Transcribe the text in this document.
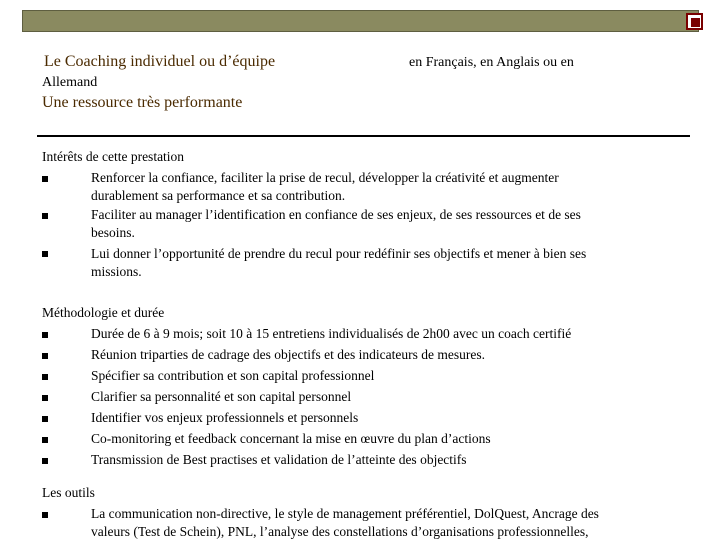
Le Coaching individuel ou d’équipe	en Français, en Anglais ou en
Allemand
Une ressource très performante
Intérêts de cette prestation
Renforcer la confiance, faciliter la prise de recul, développer la créativité et augmenter
durablement sa performance et sa contribution.
Faciliter au manager l’identification en confiance de ses enjeux, de ses ressources et de ses
besoins.
Lui donner l’opportunité de prendre du recul pour redéfinir ses objectifs et mener à bien ses
missions.
Méthodologie et durée
Durée de 6 à 9 mois; soit 10 à 15 entretiens individualisés de 2h00 avec un coach certifié
Réunion triparties de cadrage des objectifs et des indicateurs de mesures.
Spécifier sa contribution et son capital professionnel
Clarifier sa personnalité et son capital personnel
Identifier vos enjeux professionnels et personnels
Co-monitoring et feedback concernant la mise en œuvre du plan d’actions
Transmission de Best practises et validation de l’atteinte des objectifs
Les outils
La communication non-directive, le style de management préférentiel, DolQuest, Ancrage des
valeurs (Test de Schein), PNL, l’analyse des constellations d’organisations professionnelles,
